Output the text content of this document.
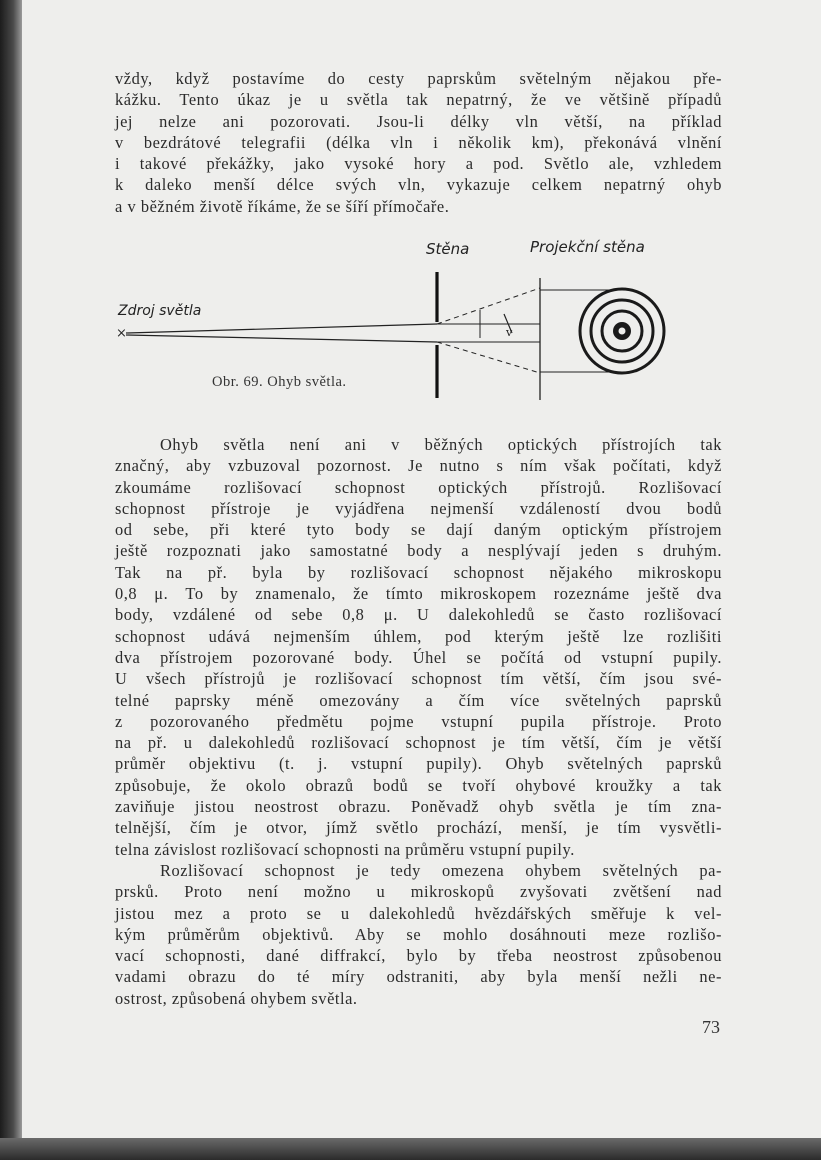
vždy, když postavíme do cesty paprskům světelným nějakou pře-
kážku. Tento úkaz je u světla tak nepatrný, že ve většině případů
jej nelze ani pozorovati. Jsou-li délky vln větší, na příklad
v bezdrátové telegrafii (délka vln i několik km), překonává vlnění
i takové překážky, jako vysoké hory a pod. Světlo ale, vzhledem
k daleko menší délce svých vln, vykazuje celkem nepatrný ohyb
a v běžném životě říkáme, že se šíří přímočaře.
Stěna	Projekční stěna
Zdroj světla
×	v
Obr. 69. Ohyb světla.
Ohyb světla není ani v běžných optických přístrojích tak
značný, aby vzbuzoval pozornost. Je nutno s ním však počítati, když
zkoumáme rozlišovací schopnost optických přístrojů. Rozlišovací
schopnost přístroje je vyjádřena nejmenší vzdáleností dvou bodů
od sebe, při které tyto body se dají daným optickým přístrojem
ještě rozpoznati jako samostatné body a nesplývají jeden s druhým.
Tak na př. byla by rozlišovací schopnost nějakého mikroskopu
0,8 μ. To by znamenalo, že tímto mikroskopem rozeznáme ještě dva
body, vzdálené od sebe 0,8 μ. U dalekohledů se často rozlišovací
schopnost udává nejmenším úhlem, pod kterým ještě lze rozlišiti
dva přístrojem pozorované body. Úhel se počítá od vstupní pupily.
U všech přístrojů je rozlišovací schopnost tím větší, čím jsou své-
telné paprsky méně omezovány a čím více světelných paprsků
z pozorovaného předmětu pojme vstupní pupila přístroje. Proto
na př. u dalekohledů rozlišovací schopnost je tím větší, čím je větší
průměr objektivu (t. j. vstupní pupily). Ohyb světelných paprsků
způsobuje, že okolo obrazů bodů se tvoří ohybové kroužky a tak
zaviňuje jistou neostrost obrazu. Poněvadž ohyb světla je tím zna-
telnější, čím je otvor, jímž světlo prochází, menší, je tím vysvětli-
telna závislost rozlišovací schopnosti na průměru vstupní pupily.
Rozlišovací schopnost je tedy omezena ohybem světelných pa-
prsků. Proto není možno u mikroskopů zvyšovati zvětšení nad
jistou mez a proto se u dalekohledů hvězdářských směřuje k vel-
kým průměrům objektivů. Aby se mohlo dosáhnouti meze rozlišo-
vací schopnosti, dané diffrakcí, bylo by třeba neostrost způsobenou
vadami obrazu do té míry odstraniti, aby byla menší nežli ne-
ostrost, způsobená ohybem světla.
73
